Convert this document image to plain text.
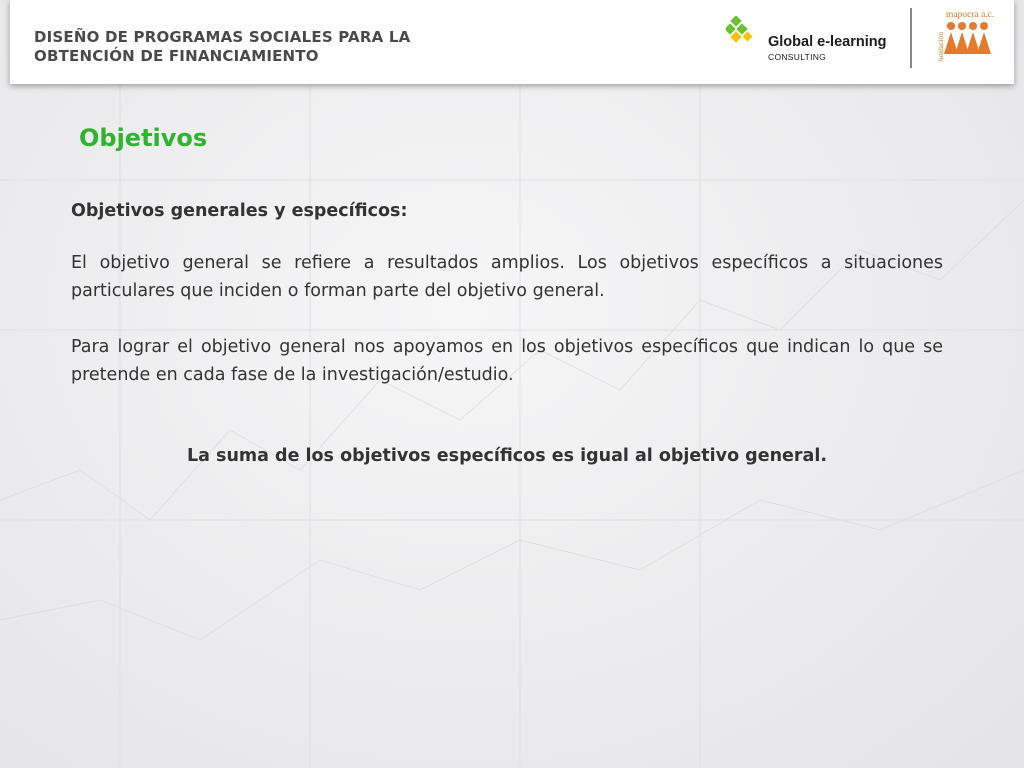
DISEÑO DE PROGRAMAS SOCIALES PARA LA
OBTENCIÓN DE FINANCIAMIENTO
Global e-learning
CONSULTING	fundación
mapocra a.c.
Objetivos

Objetivos generales y específicos:

El objetivo general se refiere a resultados amplios. Los objetivos específicos a situaciones particulares que inciden o forman parte del objetivo general.

Para lograr el objetivo general nos apoyamos en los objetivos específicos que indican lo que se pretende en cada fase de la investigación/estudio.

La suma de los objetivos específicos es igual al objetivo general.
